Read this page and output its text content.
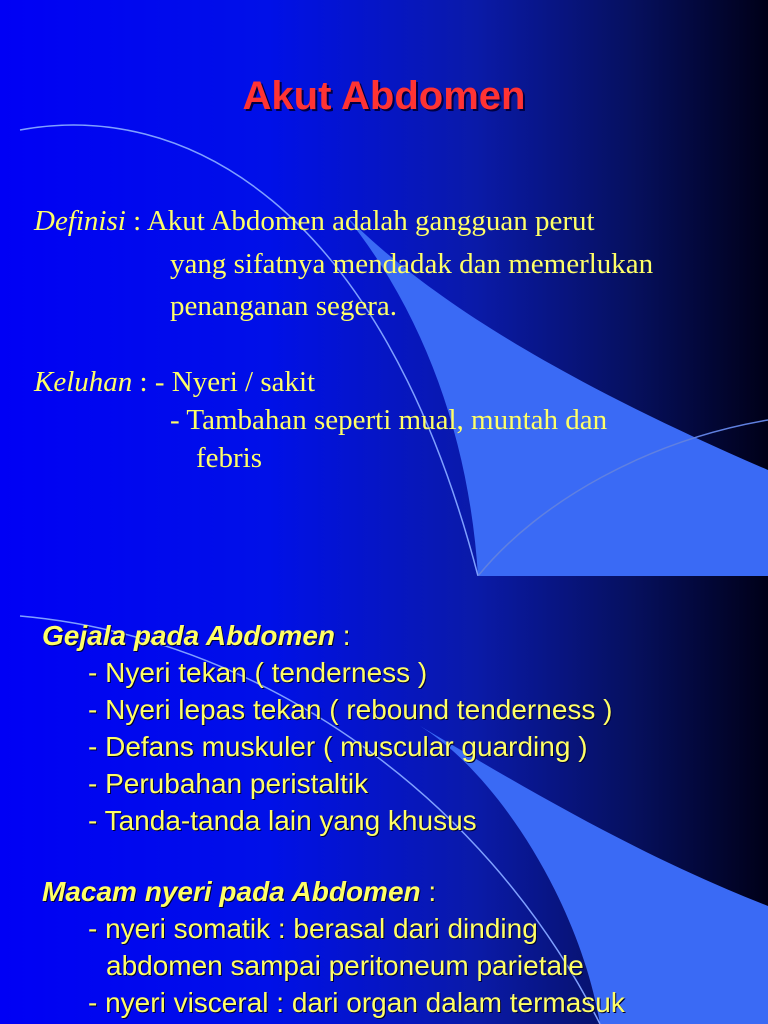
Akut Abdomen
Definisi : Akut Abdomen adalah gangguan perut
yang sifatnya mendadak dan memerlukan
penanganan segera.
Keluhan : - Nyeri / sakit
- Tambahan seperti mual, muntah dan
febris
Gejala pada Abdomen :
- Nyeri tekan ( tenderness )
- Nyeri lepas tekan ( rebound tenderness )
- Defans muskuler ( muscular guarding )
- Perubahan peristaltik
- Tanda-tanda lain yang khusus
Macam nyeri pada Abdomen :
- nyeri somatik : berasal dari dinding
abdomen sampai peritoneum parietale
- nyeri visceral : dari organ dalam termasuk
